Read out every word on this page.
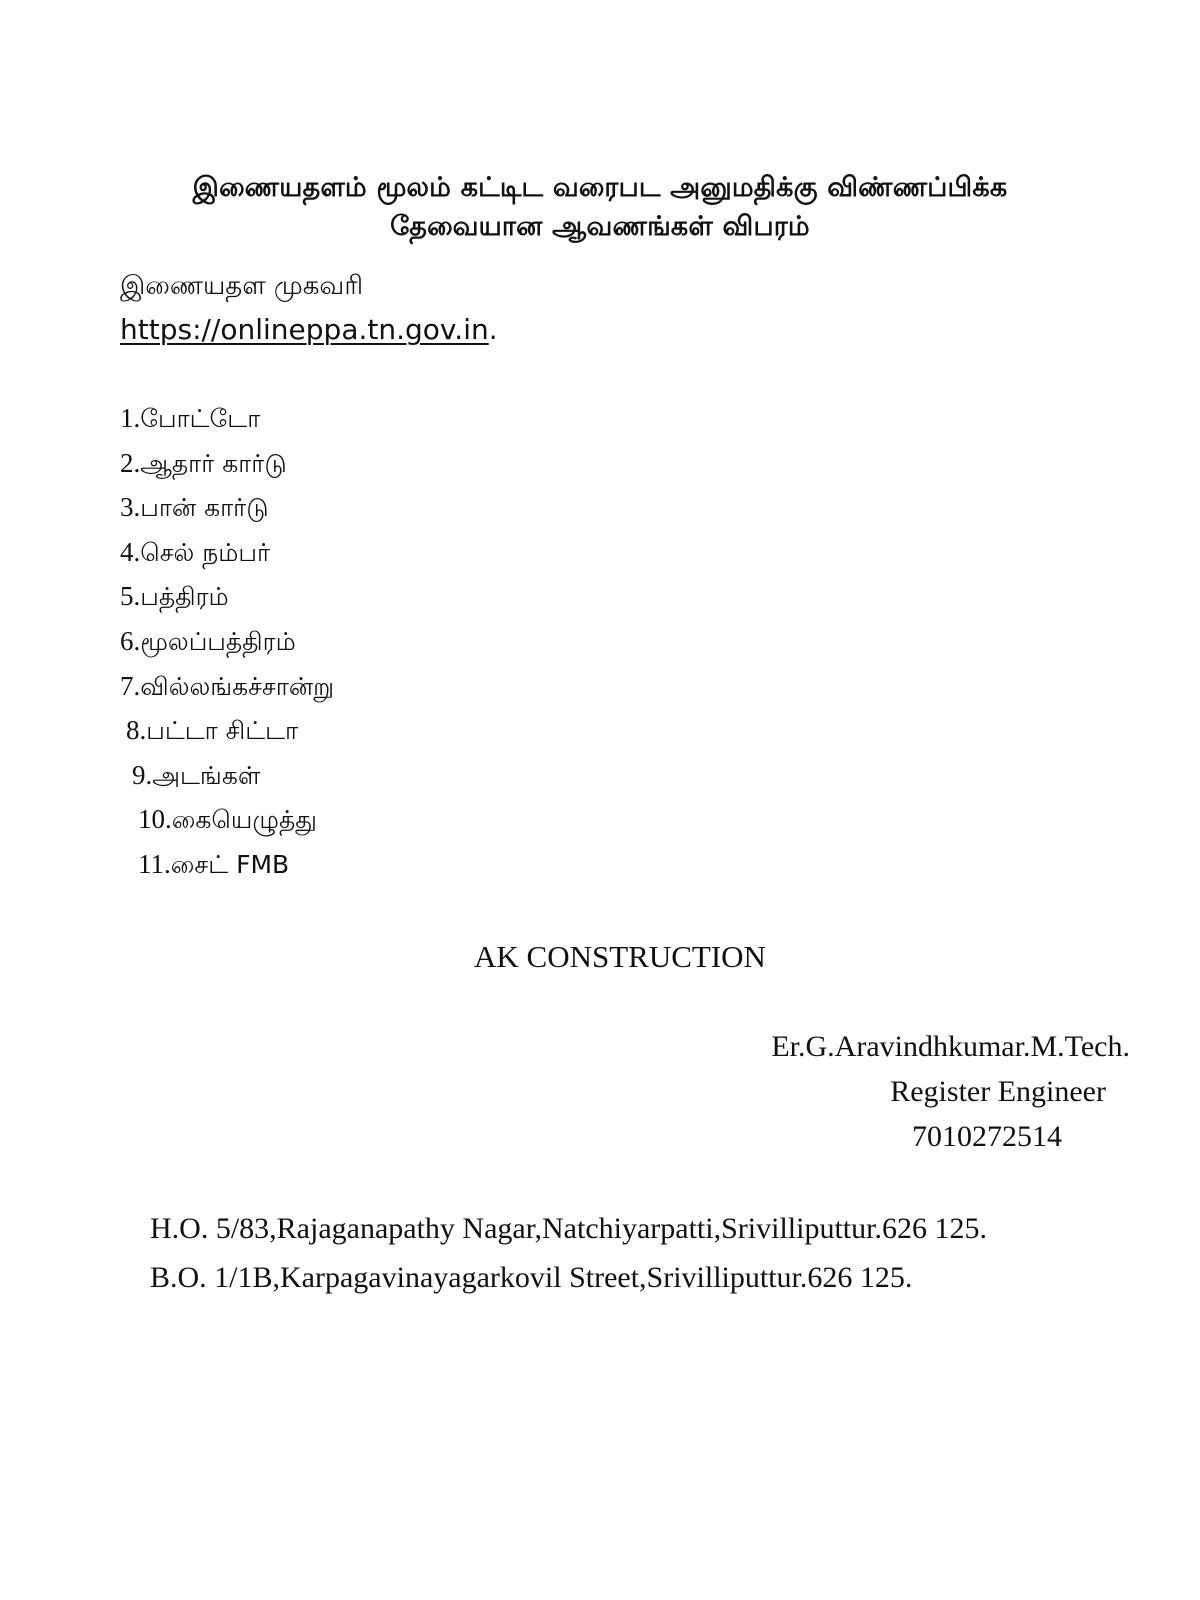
இணையதளம் மூலம் கட்டிட வரைபட அனுமதிக்கு விண்ணப்பிக்க
தேவையான ஆவணங்கள் விபரம்
இணையதள முகவரி
https://onlineppa.tn.gov.in.
1.போட்டோ
2.ஆதார் கார்டு
3.பான் கார்டு
4.செல் நம்பர்
5.பத்திரம்
6.மூலப்பத்திரம்
7.வில்லங்கச்சான்று
8.பட்டா சிட்டா
9.அடங்கள்
10.கையெழுத்து
11.சைட் FMB
AK CONSTRUCTION
Er.G.Aravindhkumar.M.Tech.
Register Engineer
7010272514
H.O. 5/83,Rajaganapathy Nagar,Natchiyarpatti,Srivilliputtur.626 125.
B.O. 1/1B,Karpagavinayagarkovil Street,Srivilliputtur.626 125.
